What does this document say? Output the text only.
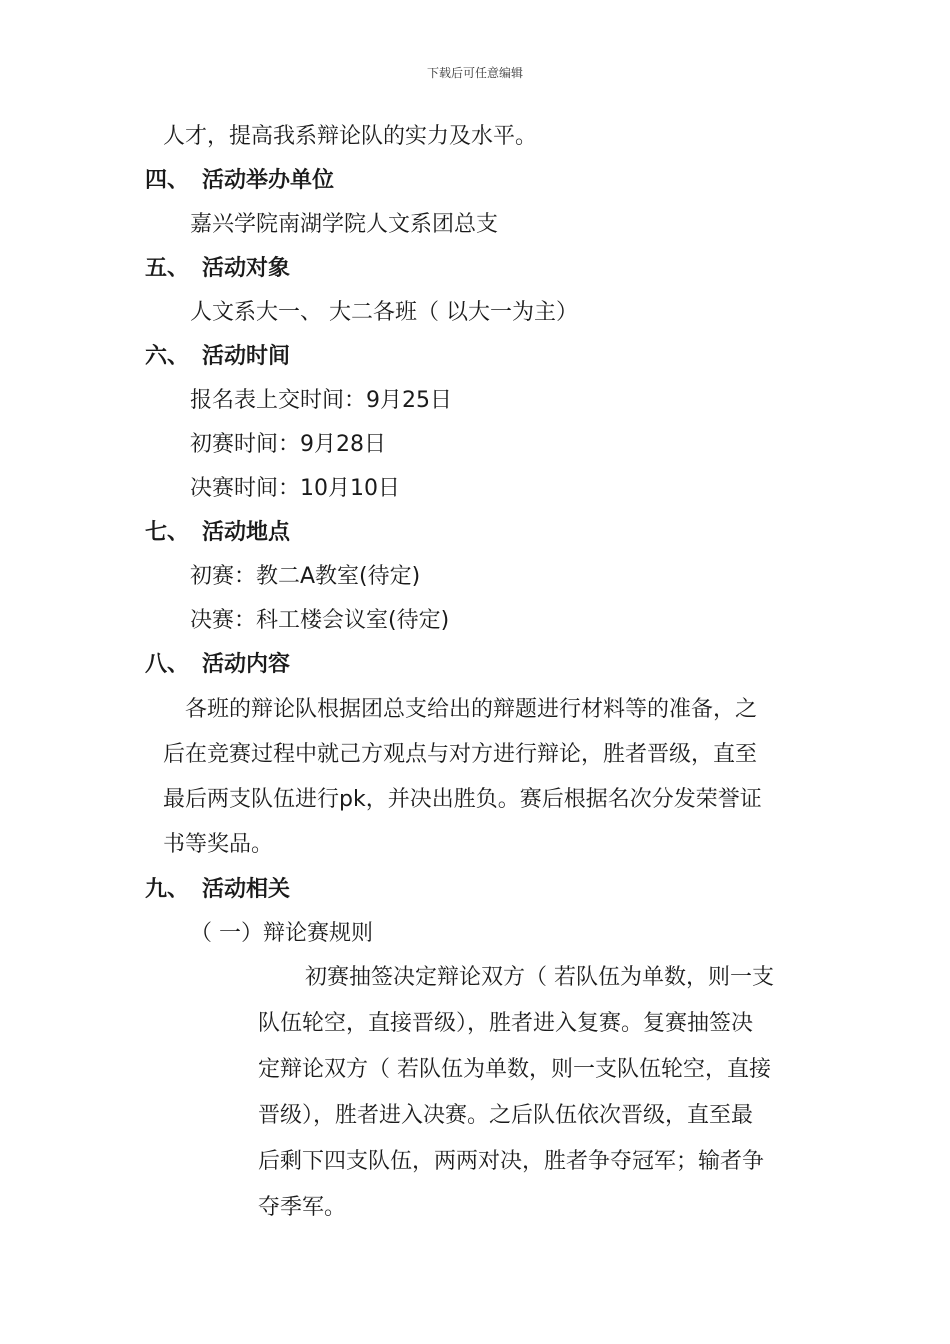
下载后可任意编辑
人才，提高我系辩论队的实力及水平。
四、 活动举办单位
嘉兴学院南湖学院人文系团总支
五、 活动对象
人文系大一、 大二各班（ 以大一为主）
六、 活动时间
报名表上交时间：9月25日
初赛时间：9月28日
决赛时间：10月10日
七、 活动地点
初赛：教二A教室(待定)
决赛：科工楼会议室(待定)
八、 活动内容
各班的辩论队根据团总支给出的辩题进行材料等的准备，之
后在竞赛过程中就己方观点与对方进行辩论，胜者晋级，直至
最后两支队伍进行pk，并决出胜负。赛后根据名次分发荣誉证
书等奖品。
九、 活动相关
（ 一）辩论赛规则
初赛抽签决定辩论双方（ 若队伍为单数，则一支
队伍轮空，直接晋级），胜者进入复赛。复赛抽签决
定辩论双方（ 若队伍为单数，则一支队伍轮空，直接
晋级），胜者进入决赛。之后队伍依次晋级，直至最
后剩下四支队伍，两两对决，胜者争夺冠军；输者争
夺季军。
